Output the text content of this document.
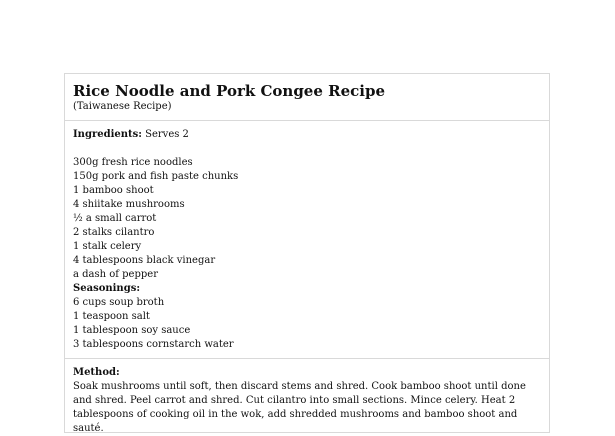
Rice Noodle and Pork Congee Recipe
(Taiwanese Recipe)
Ingredients: Serves 2
300g fresh rice noodles
150g pork and fish paste chunks
1 bamboo shoot
4 shiitake mushrooms
½ a small carrot
2 stalks cilantro
1 stalk celery
4 tablespoons black vinegar
a dash of pepper
Seasonings:
6 cups soup broth
1 teaspoon salt
1 tablespoon soy sauce
3 tablespoons cornstarch water
Method:
Soak mushrooms until soft, then discard stems and shred. Cook bamboo shoot until done and shred. Peel carrot and shred. Cut cilantro into small sections. Mince celery. Heat 2 tablespoons of cooking oil in the wok, add shredded mushrooms and bamboo shoot and sauté.
